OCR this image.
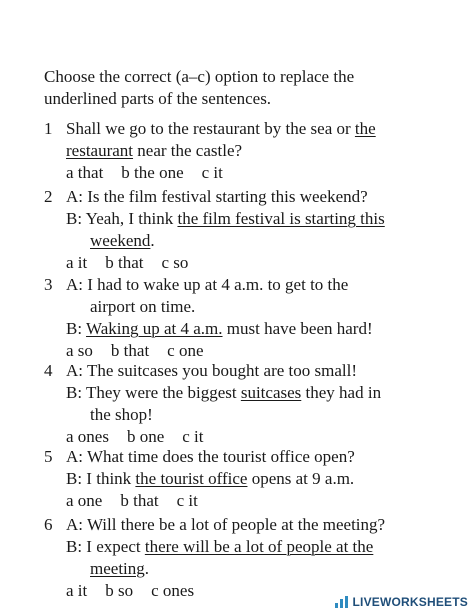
Choose the correct (a–c) option to replace the
underlined parts of the sentences.
1 Shall we go to the restaurant by the sea or the
restaurant near the castle?
a that b the one c it
2 A: Is the film festival starting this weekend?
B: Yeah, I think the film festival is starting this
weekend.
a it b that c so
3 A: I had to wake up at 4 a.m. to get to the
airport on time.
B: Waking up at 4 a.m. must have been hard!
a so b that c one
4 A: The suitcases you bought are too small!
B: They were the biggest suitcases they had in
the shop!
a ones b one c it
5 A: What time does the tourist office open?
B: I think the tourist office opens at 9 a.m.
a one b that c it
6 A: Will there be a lot of people at the meeting?
B: I expect there will be a lot of people at the
meeting.
a it b so c ones
LIVEWORKSHEETS
